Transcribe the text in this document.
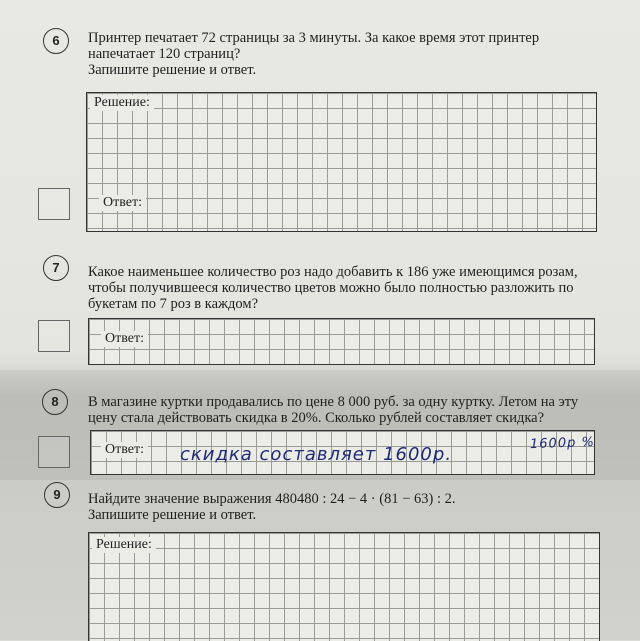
6	Принтер печатает 72 страницы за 3 минуты. За какое время этот принтер

напечатает 120 страниц?

Запишите решение и ответ.

Решение:
Ответ:
7	Какое наименьшее количество роз надо добавить к 186 уже имеющимся розам,

чтобы получившееся количество цветов можно было полностью разложить по

букетам по 7 роз в каждом?

Ответ:
8	В магазине куртки продавались по цене 8 000 руб. за одну куртку. Летом на эту

цену стала действовать скидка в 20%. Сколько рублей составляет скидка?

Ответ: скидка составляет 1600р.
1600р %
9	Найдите значение выражения 480480 : 24 − 4 · (81 − 63) : 2.

Запишите решение и ответ.

Решение:
